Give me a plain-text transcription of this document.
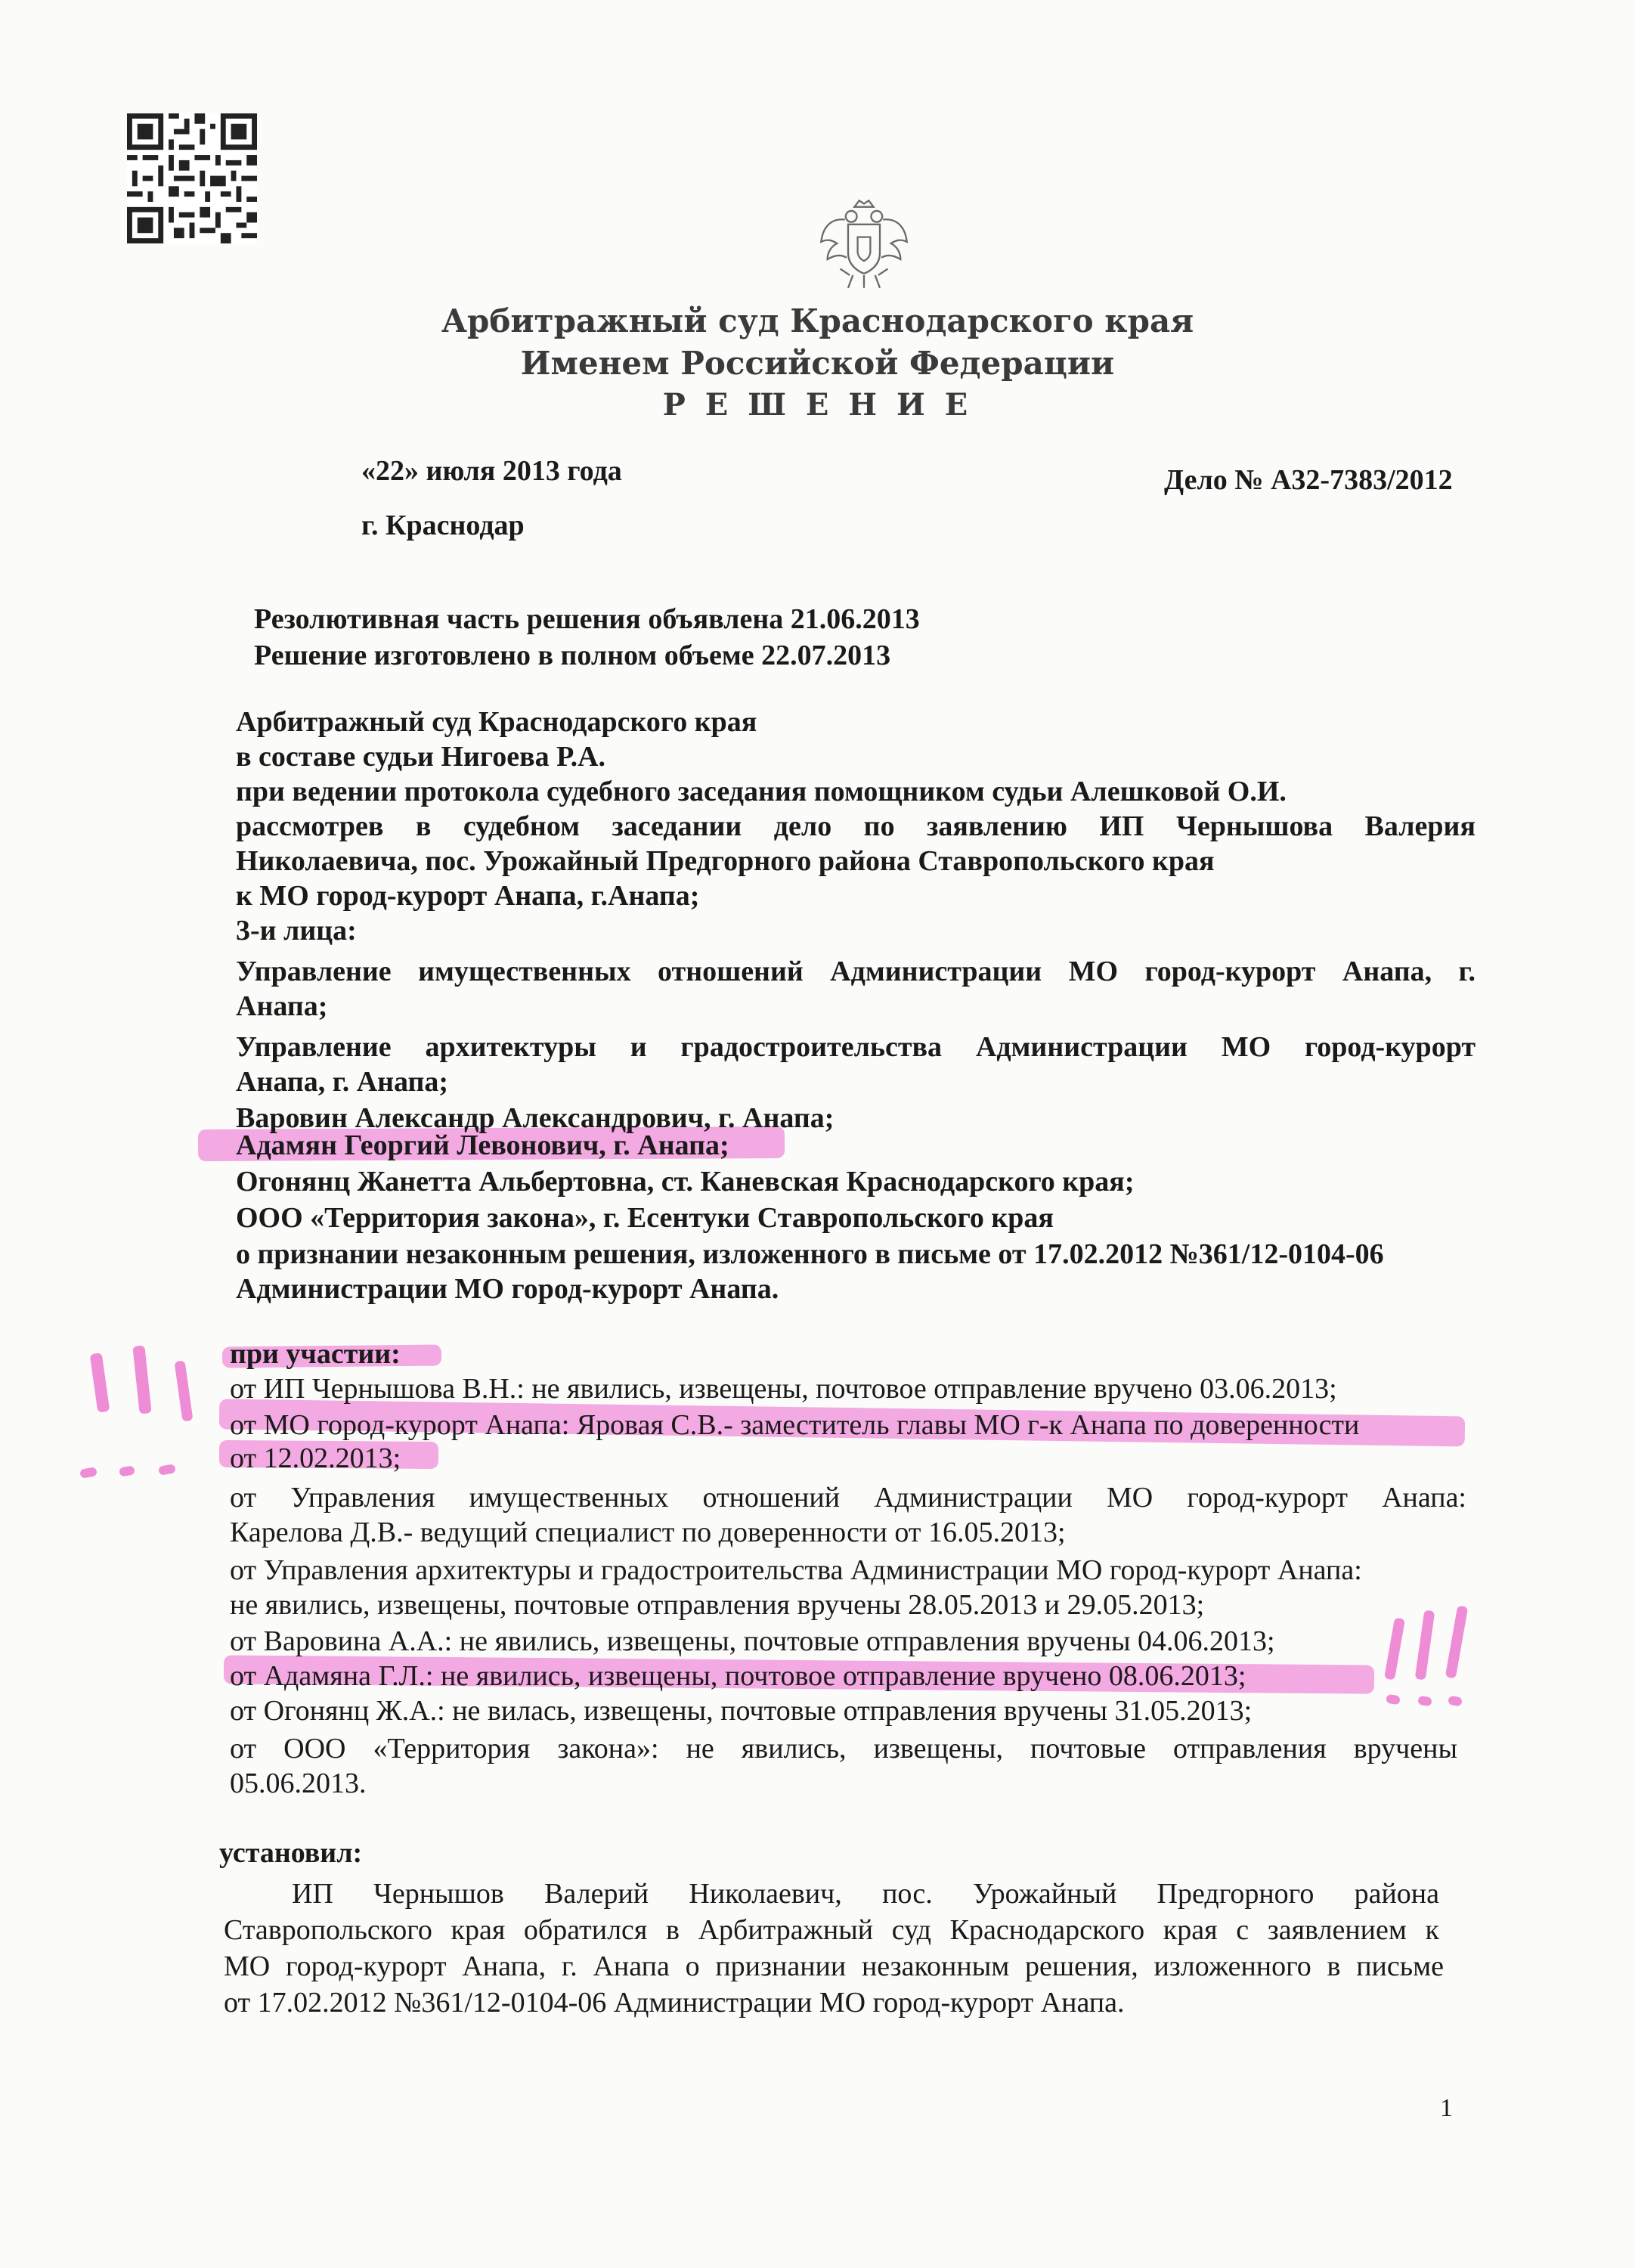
Арбитражный суд Краснодарского края
Именем Российской Федерации
Р Е Ш Е Н И Е
«22» июля 2013 года	Дело № А32-7383/2012
г. Краснодар
Резолютивная часть решения объявлена 21.06.2013
Решение изготовлено в полном объеме 22.07.2013
Арбитражный суд Краснодарского края
в составе судьи Нигоева Р.А.
при ведении протокола судебного заседания помощником судьи Алешковой О.И.
рассмотрев в судебном заседании дело по заявлению ИП Чернышова Валерия
Николаевича, пос. Урожайный Предгорного района Ставропольского края
к МО город-курорт Анапа, г.Анапа;
3-и лица:
Управление имущественных отношений Администрации МО город-курорт Анапа, г.
Анапа;
Управление архитектуры и градостроительства Администрации МО город-курорт
Анапа, г. Анапа;
Варовин Александр Александрович, г. Анапа;
Адамян Георгий Левонович, г. Анапа;
Огонянц Жанетта Альбертовна, ст. Каневская Краснодарского края;
ООО «Территория закона», г. Есентуки Ставропольского края
о признании незаконным решения, изложенного в письме от 17.02.2012 №361/12-0104-06
Администрации МО город-курорт Анапа.
при участии:
от ИП Чернышова В.Н.: не явились, извещены, почтовое отправление вручено 03.06.2013;
от МО город-курорт Анапа: Яровая С.В.- заместитель главы МО г-к Анапа по доверенности
от 12.02.2013;
от Управления имущественных отношений Администрации МО город-курорт Анапа:
Карелова Д.В.- ведущий специалист по доверенности от 16.05.2013;
от Управления архитектуры и градостроительства Администрации МО город-курорт Анапа:
не явились, извещены, почтовые отправления вручены 28.05.2013 и 29.05.2013;
от Варовина А.А.: не явились, извещены, почтовые отправления вручены 04.06.2013;
от Адамяна Г.Л.: не явились, извещены, почтовое отправление вручено 08.06.2013;
от Огонянц Ж.А.: не вилась, извещены, почтовые отправления вручены 31.05.2013;
от ООО «Территория закона»: не явились, извещены, почтовые отправления вручены
05.06.2013.
установил:
ИП Чернышов Валерий Николаевич, пос. Урожайный Предгорного района
Ставропольского края обратился в Арбитражный суд Краснодарского края с заявлением к
МО город-курорт Анапа, г. Анапа о признании незаконным решения, изложенного в письме
от 17.02.2012 №361/12-0104-06 Администрации МО город-курорт Анапа.
1
